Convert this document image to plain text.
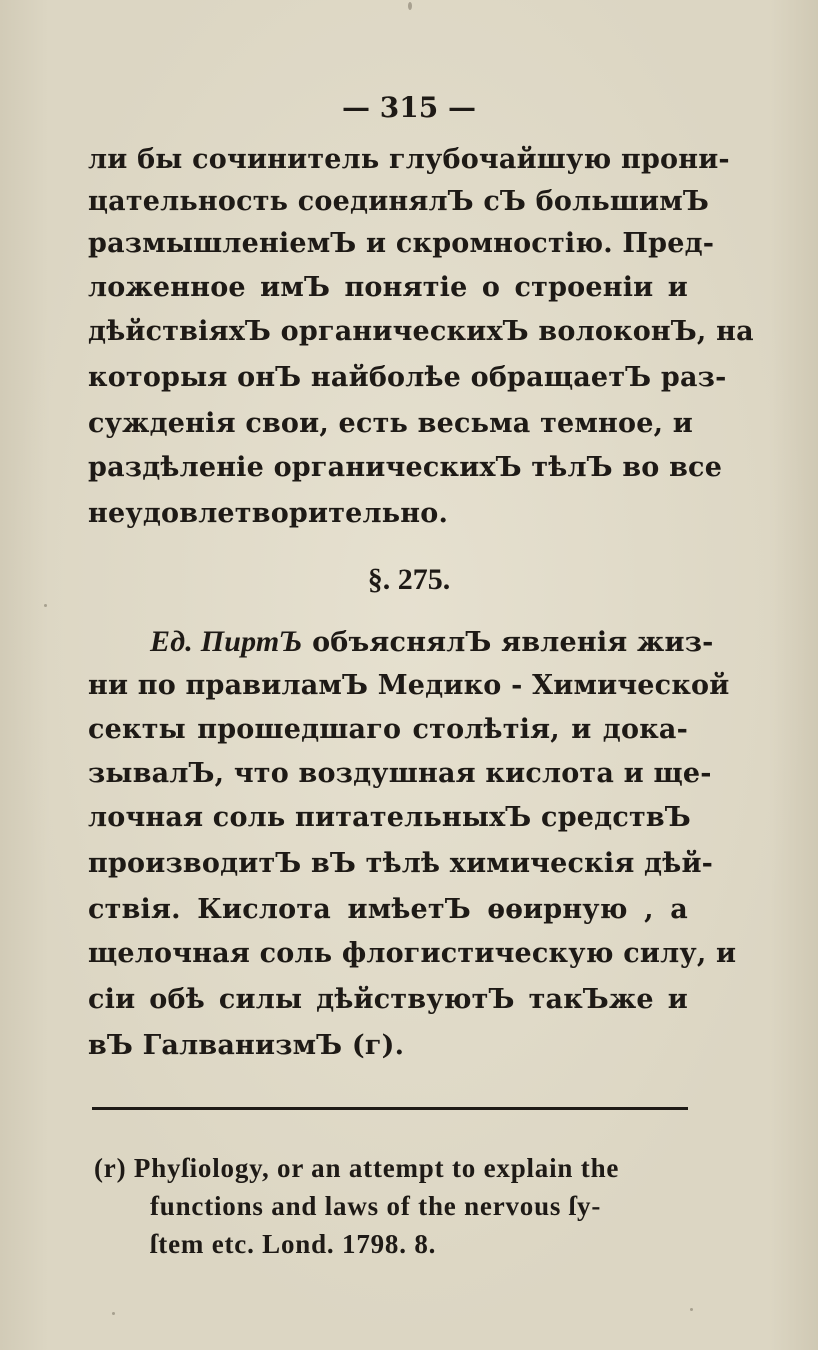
— 315 —
ли бы сочинитель глубочайшую прони-
цательность соединялЪ сЪ большимЪ
размышленіемЪ и скромностію. Пред-
ложенное имЪ понятіе о строеніи и
дѣйствіяхЪ органическихЪ волоконЪ, на
которыя онЪ найболѣе обращаетЪ раз-
сужденія свои, есть весьма темное, и
раздѣленіе органическихЪ тѣлЪ во все
неудовлетворительно.
§. 275.
Ед. ПиртЪ объяснялЪ явленія жиз-
ни по правиламЪ Медико - Химической
секты прошедшаго столѣтія, и дока-
зывалЪ, что воздушная кислота и ще-
лочная соль питательныхЪ средствЪ
производитЪ вЪ тѣлѣ химическія дѣй-
ствія. Кислота имѣетЪ ѳѳирную , а
щелочная соль флогистическую силу, и
сіи обѣ силы дѣйствуютЪ такЪже и
вЪ ГалванизмЪ (г).
(r) Phyſiology, or an attempt to explain the
functions and laws of the nervous ſy-
ſtem etc. Lond. 1798. 8.
